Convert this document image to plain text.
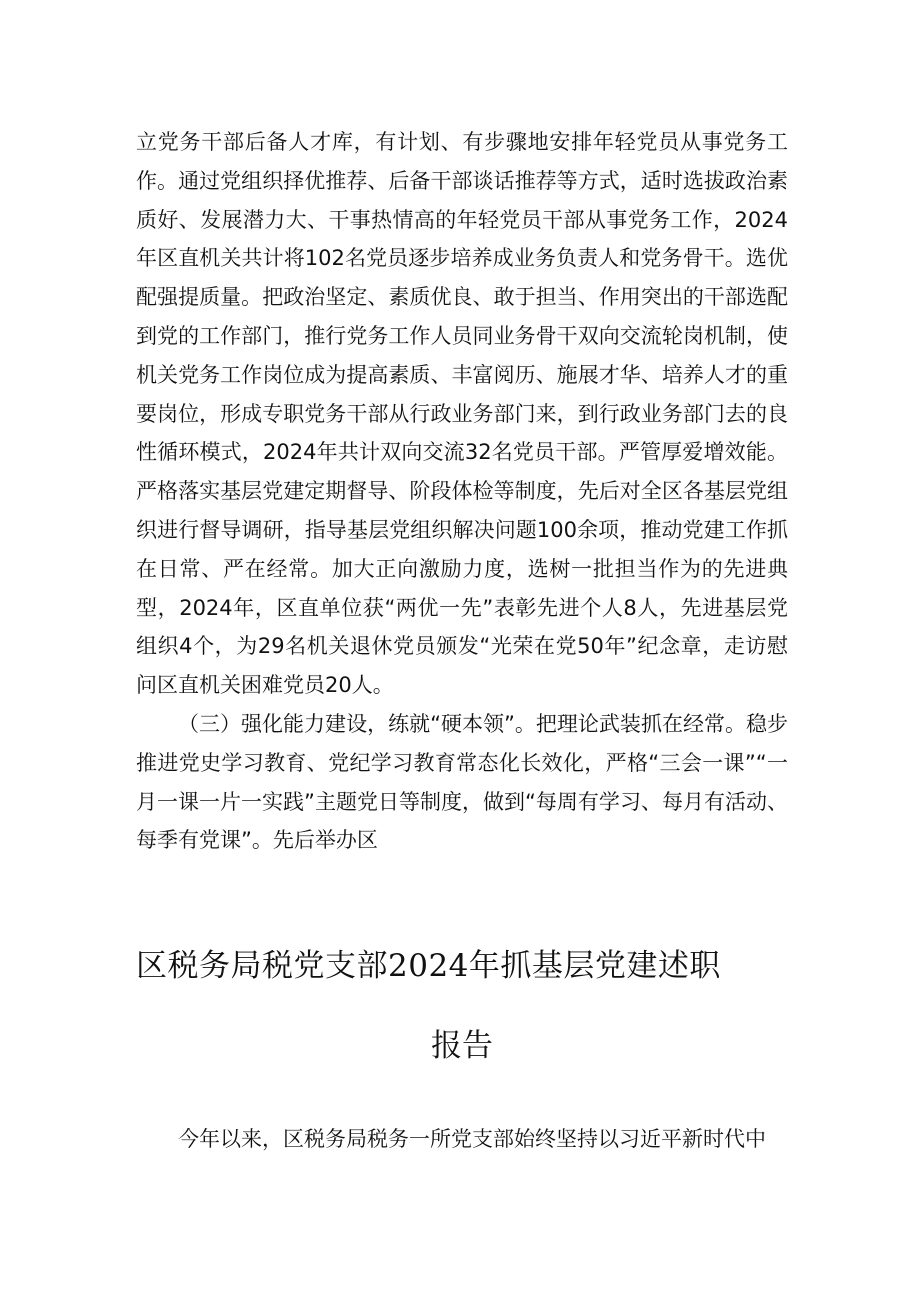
立党务干部后备人才库，有计划、有步骤地安排年轻党员从事党务工作。通过党组织择优推荐、后备干部谈话推荐等方式，适时选拔政治素质好、发展潜力大、干事热情高的年轻党员干部从事党务工作，2024年区直机关共计将102名党员逐步培养成业务负责人和党务骨干。选优配强提质量。把政治坚定、素质优良、敢于担当、作用突出的干部选配到党的工作部门，推行党务工作人员同业务骨干双向交流轮岗机制，使机关党务工作岗位成为提高素质、丰富阅历、施展才华、培养人才的重要岗位，形成专职党务干部从行政业务部门来，到行政业务部门去的良性循环模式，2024年共计双向交流32名党员干部。严管厚爱增效能。严格落实基层党建定期督导、阶段体检等制度，先后对全区各基层党组织进行督导调研，指导基层党组织解决问题100余项，推动党建工作抓在日常、严在经常。加大正向激励力度，选树一批担当作为的先进典型，2024年，区直单位获“两优一先”表彰先进个人8人，先进基层党组织4个，为29名机关退休党员颁发“光荣在党50年”纪念章，走访慰问区直机关困难党员20人。

（三）强化能力建设，练就“硬本领”。把理论武装抓在经常。稳步推进党史学习教育、党纪学习教育常态化长效化，严格“三会一课”“一月一课一片一实践”主题党日等制度，做到“每周有学习、每月有活动、每季有党课”。先后举办区

区税务局税党支部2024年抓基层党建述职
报告
今年以来，区税务局税务一所党支部始终坚持以习近平新时代中
